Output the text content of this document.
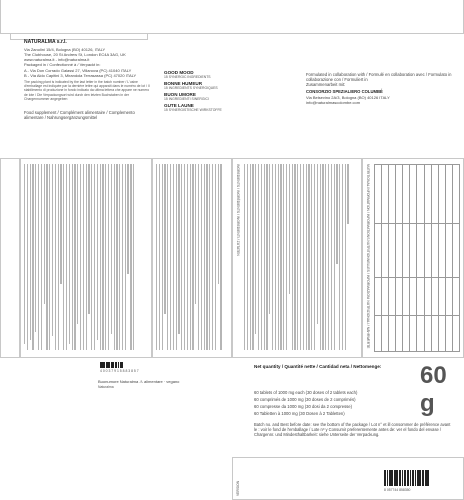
NATURALMA s.r.l.
Via Zanolini 15/4, Bologna (BO) 40126, ITALY
The Clubhouse, 20 St Andrew St, London EC4A 3AG, UK
www.naturalma.it - info@naturalma.it
Packaged in / Confectionné à / Verpackt in:
A - Via Don Corrado Galassi 27, Villanova (PC) 41040 ITALY
B - Via Aldo Capitini 3, Mirandola Terrasassa (PC) 47020 ITALY
The packing plant is indicated by the last letter in the batch number / L'usine d'emballage est indiquée par la dernière lettre qui apparaît dans le numéro de lot / Il stabilimento di produzione in fondo indicato da ultima lettera che appare ne numero de lote / Die Verpackungsort wird durch den letzten Buchstaben in der Chargennummer angegeben
Food supplement / Complément alimentaire / Complemento alimentare / Nahrungsergänzungsmittel
GOOD MOOD
15 SYNERGIC INGREDIENTS
BONNE HUMEUR
15 INGREDIENTS SYNERGIQUES
BUON UMORE
15 INGREDIENTI SINERGICI
GUTE LAUNE
15 SYNERGISTISCHE WIRKSTOFFE
Formulated in collaboration with / Formulé en collaboration avec / Formulato in collaborazione con / Formuliert in
Zusammenarbeit mit:
CONSORZIO SPEZIALIERO COLUMBÉ
Via Belsevino 2A/3, Bologna (BO) 40126 ITALY
info@naturalmascolombe.com
INGREDIENTS / INGRÉDIENTS / INGREDIENTI / ZUTATEN	NUTRITIONAL INFORMATION / INFORMATIONS NUTRITIONNELLES / INFORMAZIONI NUTRIZIONALI / NÄHRWERTE
4 0 0 3 7 9 1 5 8 8 3 8 5 7
Buonumore Naturalma ⚠ alimentare · vegano
Naturalma
Net quantity / Quantité nette / Cantidad neta / Nettomenge:	60 g
60 tablets of 1000 mg each (30 doses of 2 tablets each)
60 comprimés de 1000 mg (30 doses de 2 comprimés)
60 compresse da 1000 mg (30 dosi da 2 compresse)
60 Tabletten à 1000 mg (30 Dosen à 2 Tabletten)
Batch no. and Best before date: see the bottom of the package / Lot n° et ill consommer de préférence avant le : voir le fond de l'emballage / Lote nº y Consumir preferentemente antes de: ver el fondo del envase / Chargennr. und Mindesthaltbarkeit: siehe Unterseite der Verpackung.
VERSION	8 057744 858350
